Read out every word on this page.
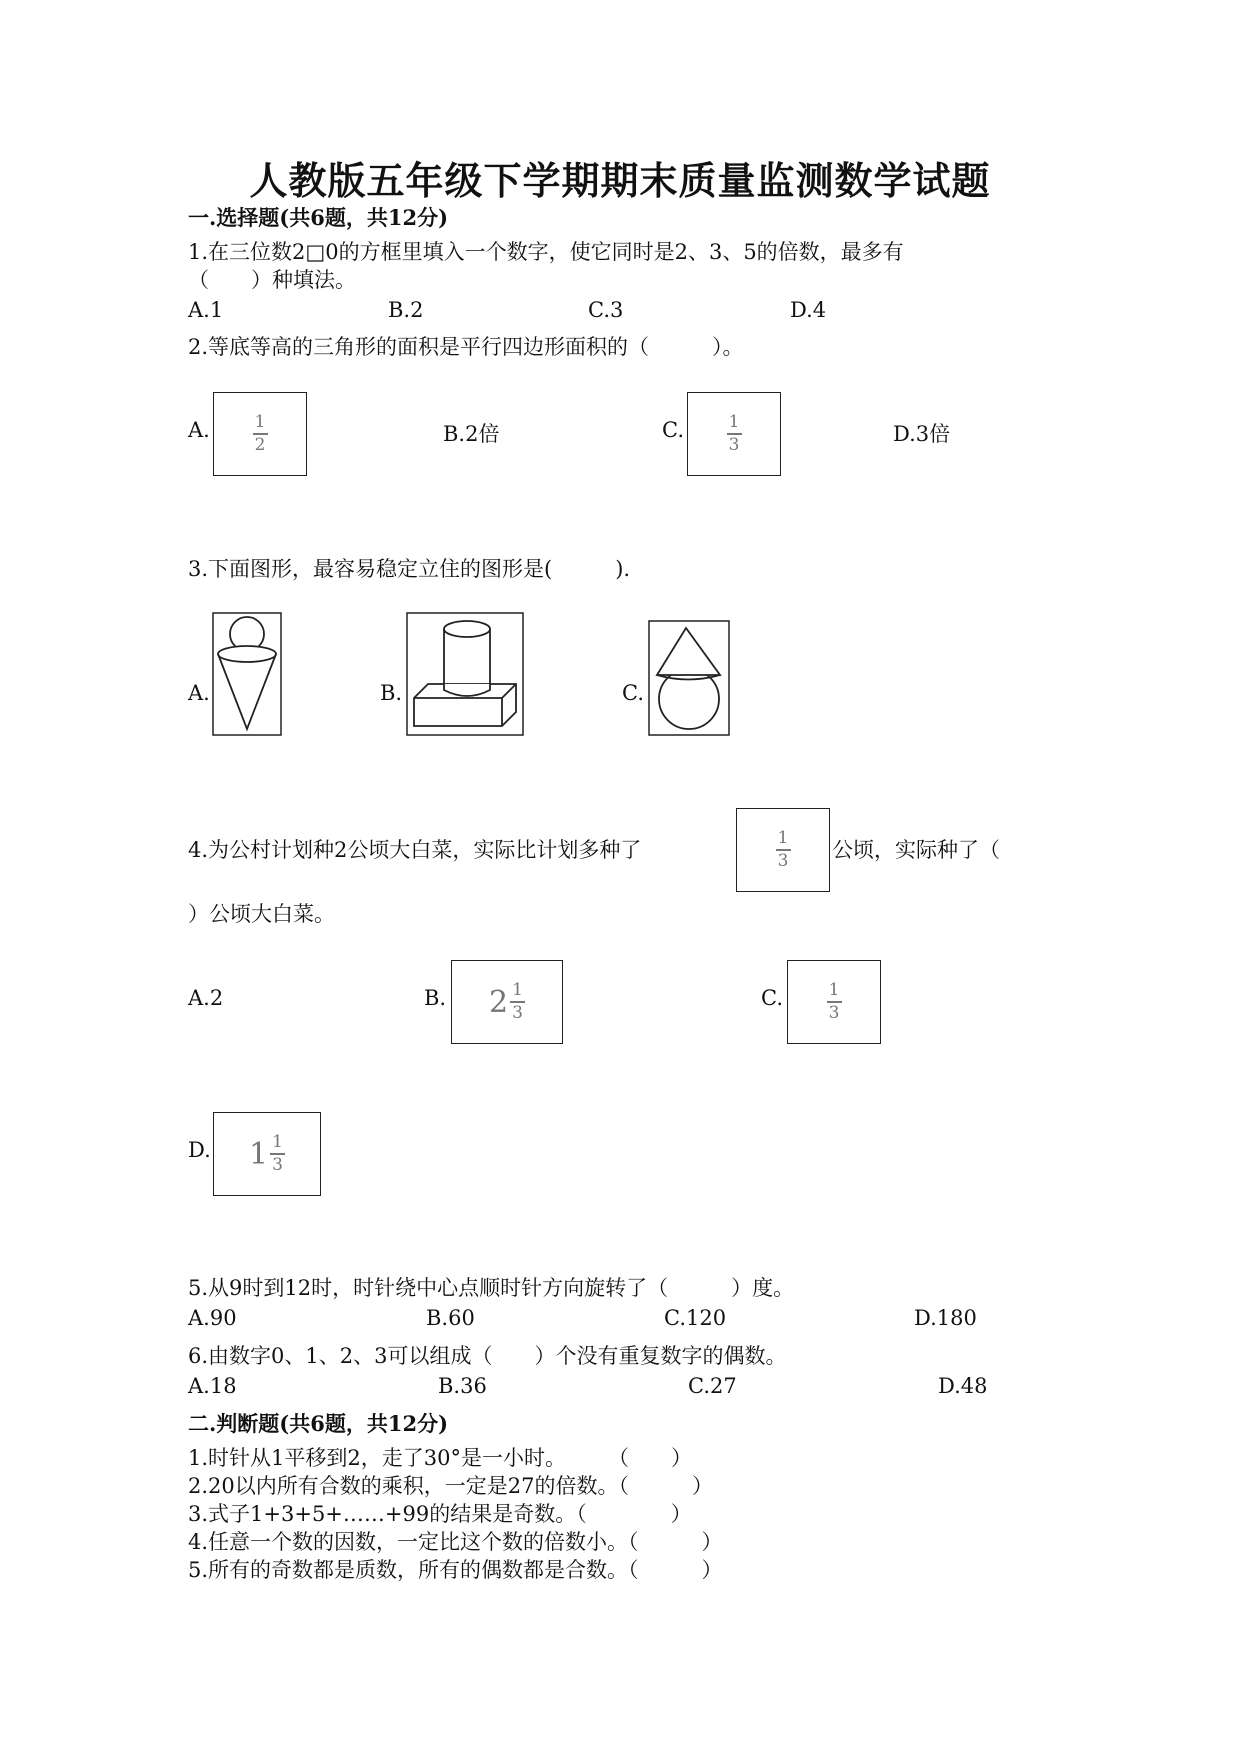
人教版五年级下学期期末质量监测数学试题
一.选择题(共6题，共12分)
1.在三位数2□0的方框里填入一个数字，使它同时是2、3、5的倍数，最多有
（　　）种填法。
A.1	B.2	C.3	D.4
2.等底等高的三角形的面积是平行四边形面积的（　　　）。
A.	1
2	B.2倍	C.	1
3	D.3倍
3.下面图形，最容易稳定立住的图形是(　　　).
A.	B.	C.
4.为公村计划种2公顷大白菜，实际比计划多种了	1
3 公顷，实际种了（
）公顷大白菜。
A.2	B. 2 1
3
C.	1
3
D. 1 1
3
5.从9时到12时，时针绕中心点顺时针方向旋转了（　　　）度。
A.90	B.60	C.120	D.180
6.由数字0、1、2、3可以组成（　　）个没有重复数字的偶数。
A.18	B.36	C.27	D.48
二.判断题(共6题，共12分)
1.时针从1平移到2，走了30°是一小时。　　　（　　）
2.20以内所有合数的乘积，一定是27的倍数。（　　　）
3.式子1+3+5+……+99的结果是奇数。（　　　　）
4.任意一个数的因数，一定比这个数的倍数小。（　　　）
5.所有的奇数都是质数，所有的偶数都是合数。（　　　）
